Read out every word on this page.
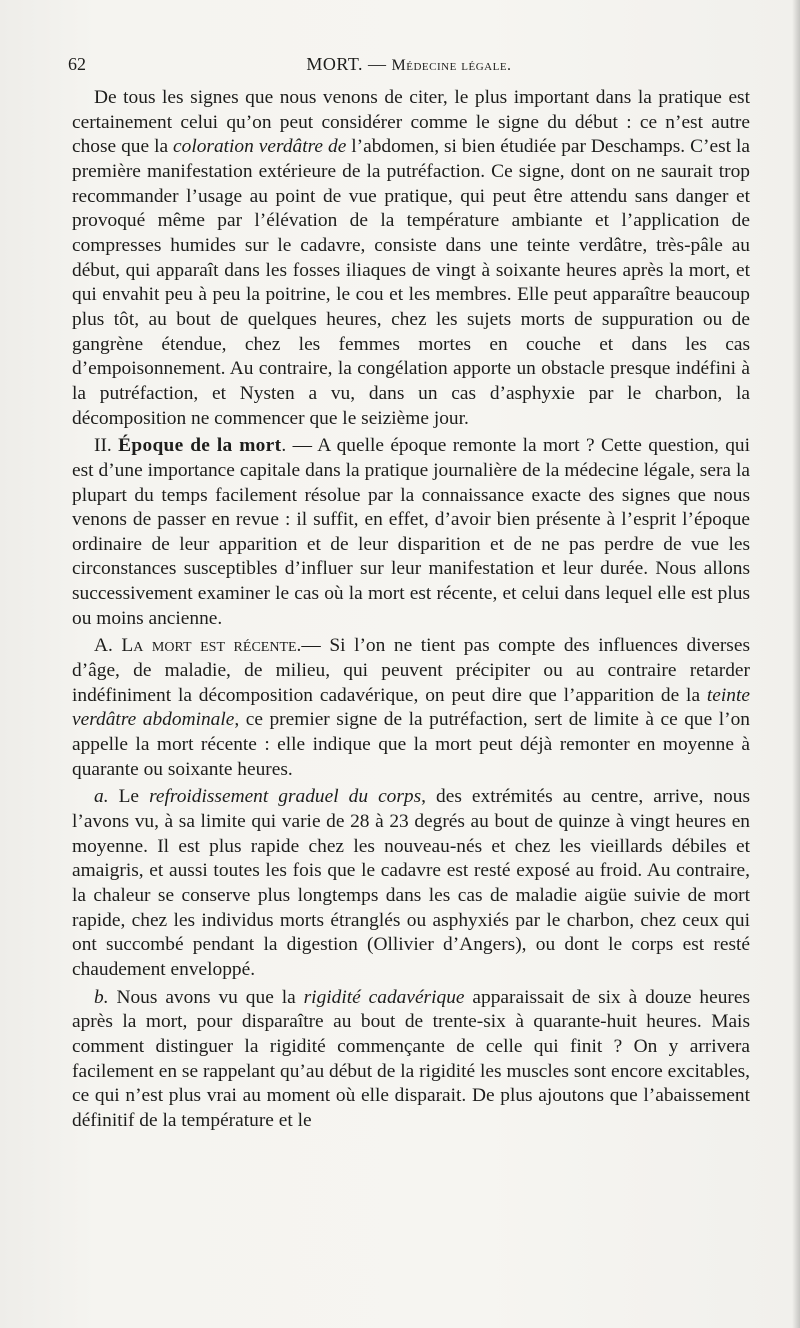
62	MORT. — Médecine légale.

De tous les signes que nous venons de citer, le plus important dans la pratique est certainement celui qu’on peut considérer comme le signe du début : ce n’est autre chose que la coloration verdâtre de l’abdomen, si bien étudiée par Deschamps. C’est la première manifestation extérieure de la putréfaction. Ce signe, dont on ne saurait trop recommander l’usage au point de vue pratique, qui peut être attendu sans danger et provoqué même par l’élévation de la température ambiante et l’application de compresses humides sur le cadavre, consiste dans une teinte verdâtre, très-pâle au début, qui apparaît dans les fosses iliaques de vingt à soixante heures après la mort, et qui envahit peu à peu la poitrine, le cou et les membres. Elle peut apparaître beaucoup plus tôt, au bout de quelques heures, chez les sujets morts de suppuration ou de gangrène étendue, chez les femmes mortes en couche et dans les cas d’empoisonnement. Au contraire, la congélation apporte un obstacle presque indéfini à la putréfaction, et Nysten a vu, dans un cas d’asphyxie par le charbon, la décomposition ne commencer que le seizième jour.

II. Époque de la mort. — A quelle époque remonte la mort ? Cette question, qui est d’une importance capitale dans la pratique journalière de la médecine légale, sera la plupart du temps facilement résolue par la connaissance exacte des signes que nous venons de passer en revue : il suffit, en effet, d’avoir bien présente à l’esprit l’époque ordinaire de leur apparition et de leur disparition et de ne pas perdre de vue les circonstances susceptibles d’influer sur leur manifestation et leur durée. Nous allons successivement examiner le cas où la mort est récente, et celui dans lequel elle est plus ou moins ancienne.

A. La mort est récente.— Si l’on ne tient pas compte des influences diverses d’âge, de maladie, de milieu, qui peuvent précipiter ou au contraire retarder indéfiniment la décomposition cadavérique, on peut dire que l’apparition de la teinte verdâtre abdominale, ce premier signe de la putréfaction, sert de limite à ce que l’on appelle la mort récente : elle indique que la mort peut déjà remonter en moyenne à quarante ou soixante heures.

a. Le refroidissement graduel du corps, des extrémités au centre, arrive, nous l’avons vu, à sa limite qui varie de 28 à 23 degrés au bout de quinze à vingt heures en moyenne. Il est plus rapide chez les nouveau-nés et chez les vieillards débiles et amaigris, et aussi toutes les fois que le cadavre est resté exposé au froid. Au contraire, la chaleur se conserve plus longtemps dans les cas de maladie aigüe suivie de mort rapide, chez les individus morts étranglés ou asphyxiés par le charbon, chez ceux qui ont succombé pendant la digestion (Ollivier d’Angers), ou dont le corps est resté chaudement enveloppé.

b. Nous avons vu que la rigidité cadavérique apparaissait de six à douze heures après la mort, pour disparaître au bout de trente-six à quarante-huit heures. Mais comment distinguer la rigidité commençante de celle qui finit ? On y arrivera facilement en se rappelant qu’au début de la rigidité les muscles sont encore excitables, ce qui n’est plus vrai au moment où elle disparait. De plus ajoutons que l’abaissement définitif de la température et le
